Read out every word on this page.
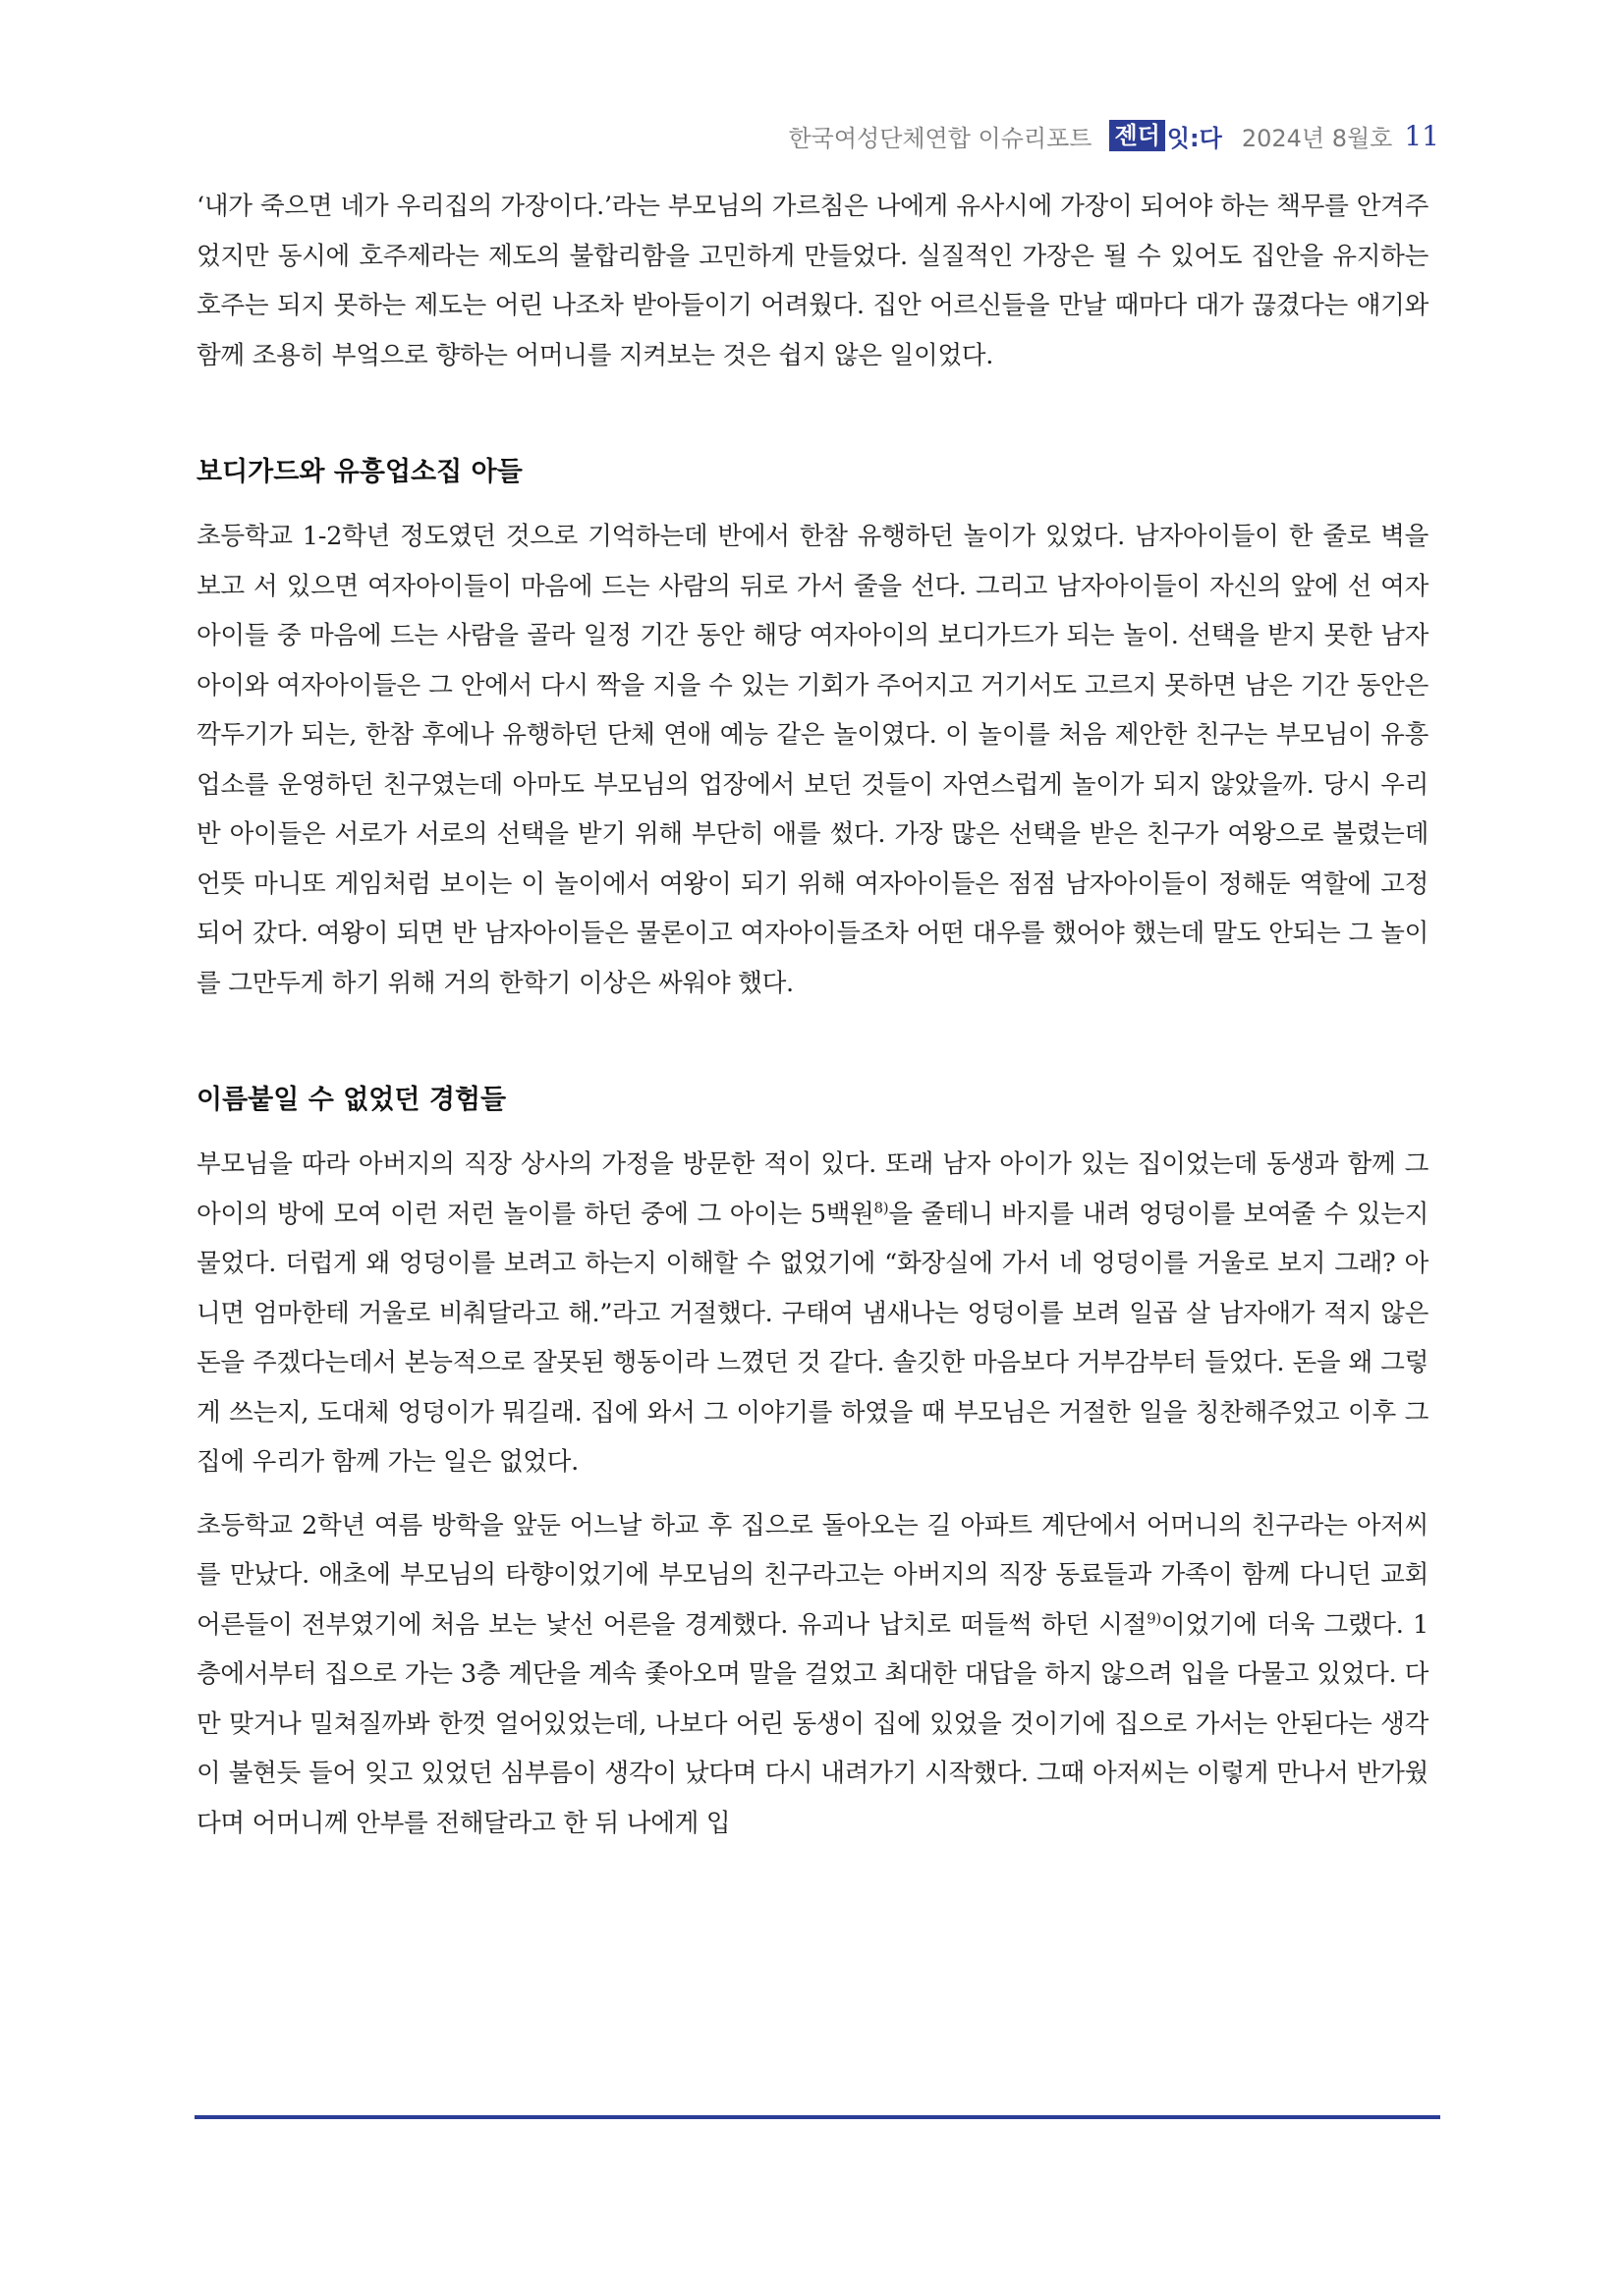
한국여성단체연합 이슈리포트 젠더 잇:다 2024년 8월호 11

‘내가 죽으면 네가 우리집의 가장이다.’라는 부모님의 가르침은 나에게 유사시에 가장이 되어야 하는 책무를 안겨주었지만 동시에 호주제라는 제도의 불합리함을 고민하게 만들었다. 실질적인 가장은 될 수 있어도 집안을 유지하는 호주는 되지 못하는 제도는 어린 나조차 받아들이기 어려웠다. 집안 어르신들을 만날 때마다 대가 끊겼다는 얘기와 함께 조용히 부엌으로 향하는 어머니를 지켜보는 것은 쉽지 않은 일이었다.

보디가드와 유흥업소집 아들

초등학교 1-2학년 정도였던 것으로 기억하는데 반에서 한참 유행하던 놀이가 있었다. 남자아이들이 한 줄로 벽을 보고 서 있으면 여자아이들이 마음에 드는 사람의 뒤로 가서 줄을 선다. 그리고 남자아이들이 자신의 앞에 선 여자아이들 중 마음에 드는 사람을 골라 일정 기간 동안 해당 여자아이의 보디가드가 되는 놀이. 선택을 받지 못한 남자아이와 여자아이들은 그 안에서 다시 짝을 지을 수 있는 기회가 주어지고 거기서도 고르지 못하면 남은 기간 동안은 깍두기가 되는, 한참 후에나 유행하던 단체 연애 예능 같은 놀이였다. 이 놀이를 처음 제안한 친구는 부모님이 유흥업소를 운영하던 친구였는데 아마도 부모님의 업장에서 보던 것들이 자연스럽게 놀이가 되지 않았을까. 당시 우리반 아이들은 서로가 서로의 선택을 받기 위해 부단히 애를 썼다. 가장 많은 선택을 받은 친구가 여왕으로 불렸는데 언뜻 마니또 게임처럼 보이는 이 놀이에서 여왕이 되기 위해 여자아이들은 점점 남자아이들이 정해둔 역할에 고정되어 갔다. 여왕이 되면 반 남자아이들은 물론이고 여자아이들조차 어떤 대우를 했어야 했는데 말도 안되는 그 놀이를 그만두게 하기 위해 거의 한학기 이상은 싸워야 했다.

이름붙일 수 없었던 경험들

부모님을 따라 아버지의 직장 상사의 가정을 방문한 적이 있다. 또래 남자 아이가 있는 집이었는데 동생과 함께 그 아이의 방에 모여 이런 저런 놀이를 하던 중에 그 아이는 5백원$^{8)}$을 줄테니 바지를 내려 엉덩이를 보여줄 수 있는지 물었다. 더럽게 왜 엉덩이를 보려고 하는지 이해할 수 없었기에 “화장실에 가서 네 엉덩이를 거울로 보지 그래? 아니면 엄마한테 거울로 비춰달라고 해.”라고 거절했다. 구태여 냄새나는 엉덩이를 보려 일곱 살 남자애가 적지 않은 돈을 주겠다는데서 본능적으로 잘못된 행동이라 느꼈던 것 같다. 솔깃한 마음보다 거부감부터 들었다. 돈을 왜 그렇게 쓰는지, 도대체 엉덩이가 뭐길래. 집에 와서 그 이야기를 하였을 때 부모님은 거절한 일을 칭찬해주었고 이후 그 집에 우리가 함께 가는 일은 없었다.

초등학교 2학년 여름 방학을 앞둔 어느날 하교 후 집으로 돌아오는 길 아파트 계단에서 어머니의 친구라는 아저씨를 만났다. 애초에 부모님의 타향이었기에 부모님의 친구라고는 아버지의 직장 동료들과 가족이 함께 다니던 교회 어른들이 전부였기에 처음 보는 낯선 어른을 경계했다. 유괴나 납치로 떠들썩 하던 시절$^{9)}$이었기에 더욱 그랬다. 1층에서부터 집으로 가는 3층 계단을 계속 좇아오며 말을 걸었고 최대한 대답을 하지 않으려 입을 다물고 있었다. 다만 맞거나 밀쳐질까봐 한껏 얼어있었는데, 나보다 어린 동생이 집에 있었을 것이기에 집으로 가서는 안된다는 생각이 불현듯 들어 잊고 있었던 심부름이 생각이 났다며 다시 내려가기 시작했다. 그때 아저씨는 이렇게 만나서 반가웠다며 어머니께 안부를 전해달라고 한 뒤 나에게 입
